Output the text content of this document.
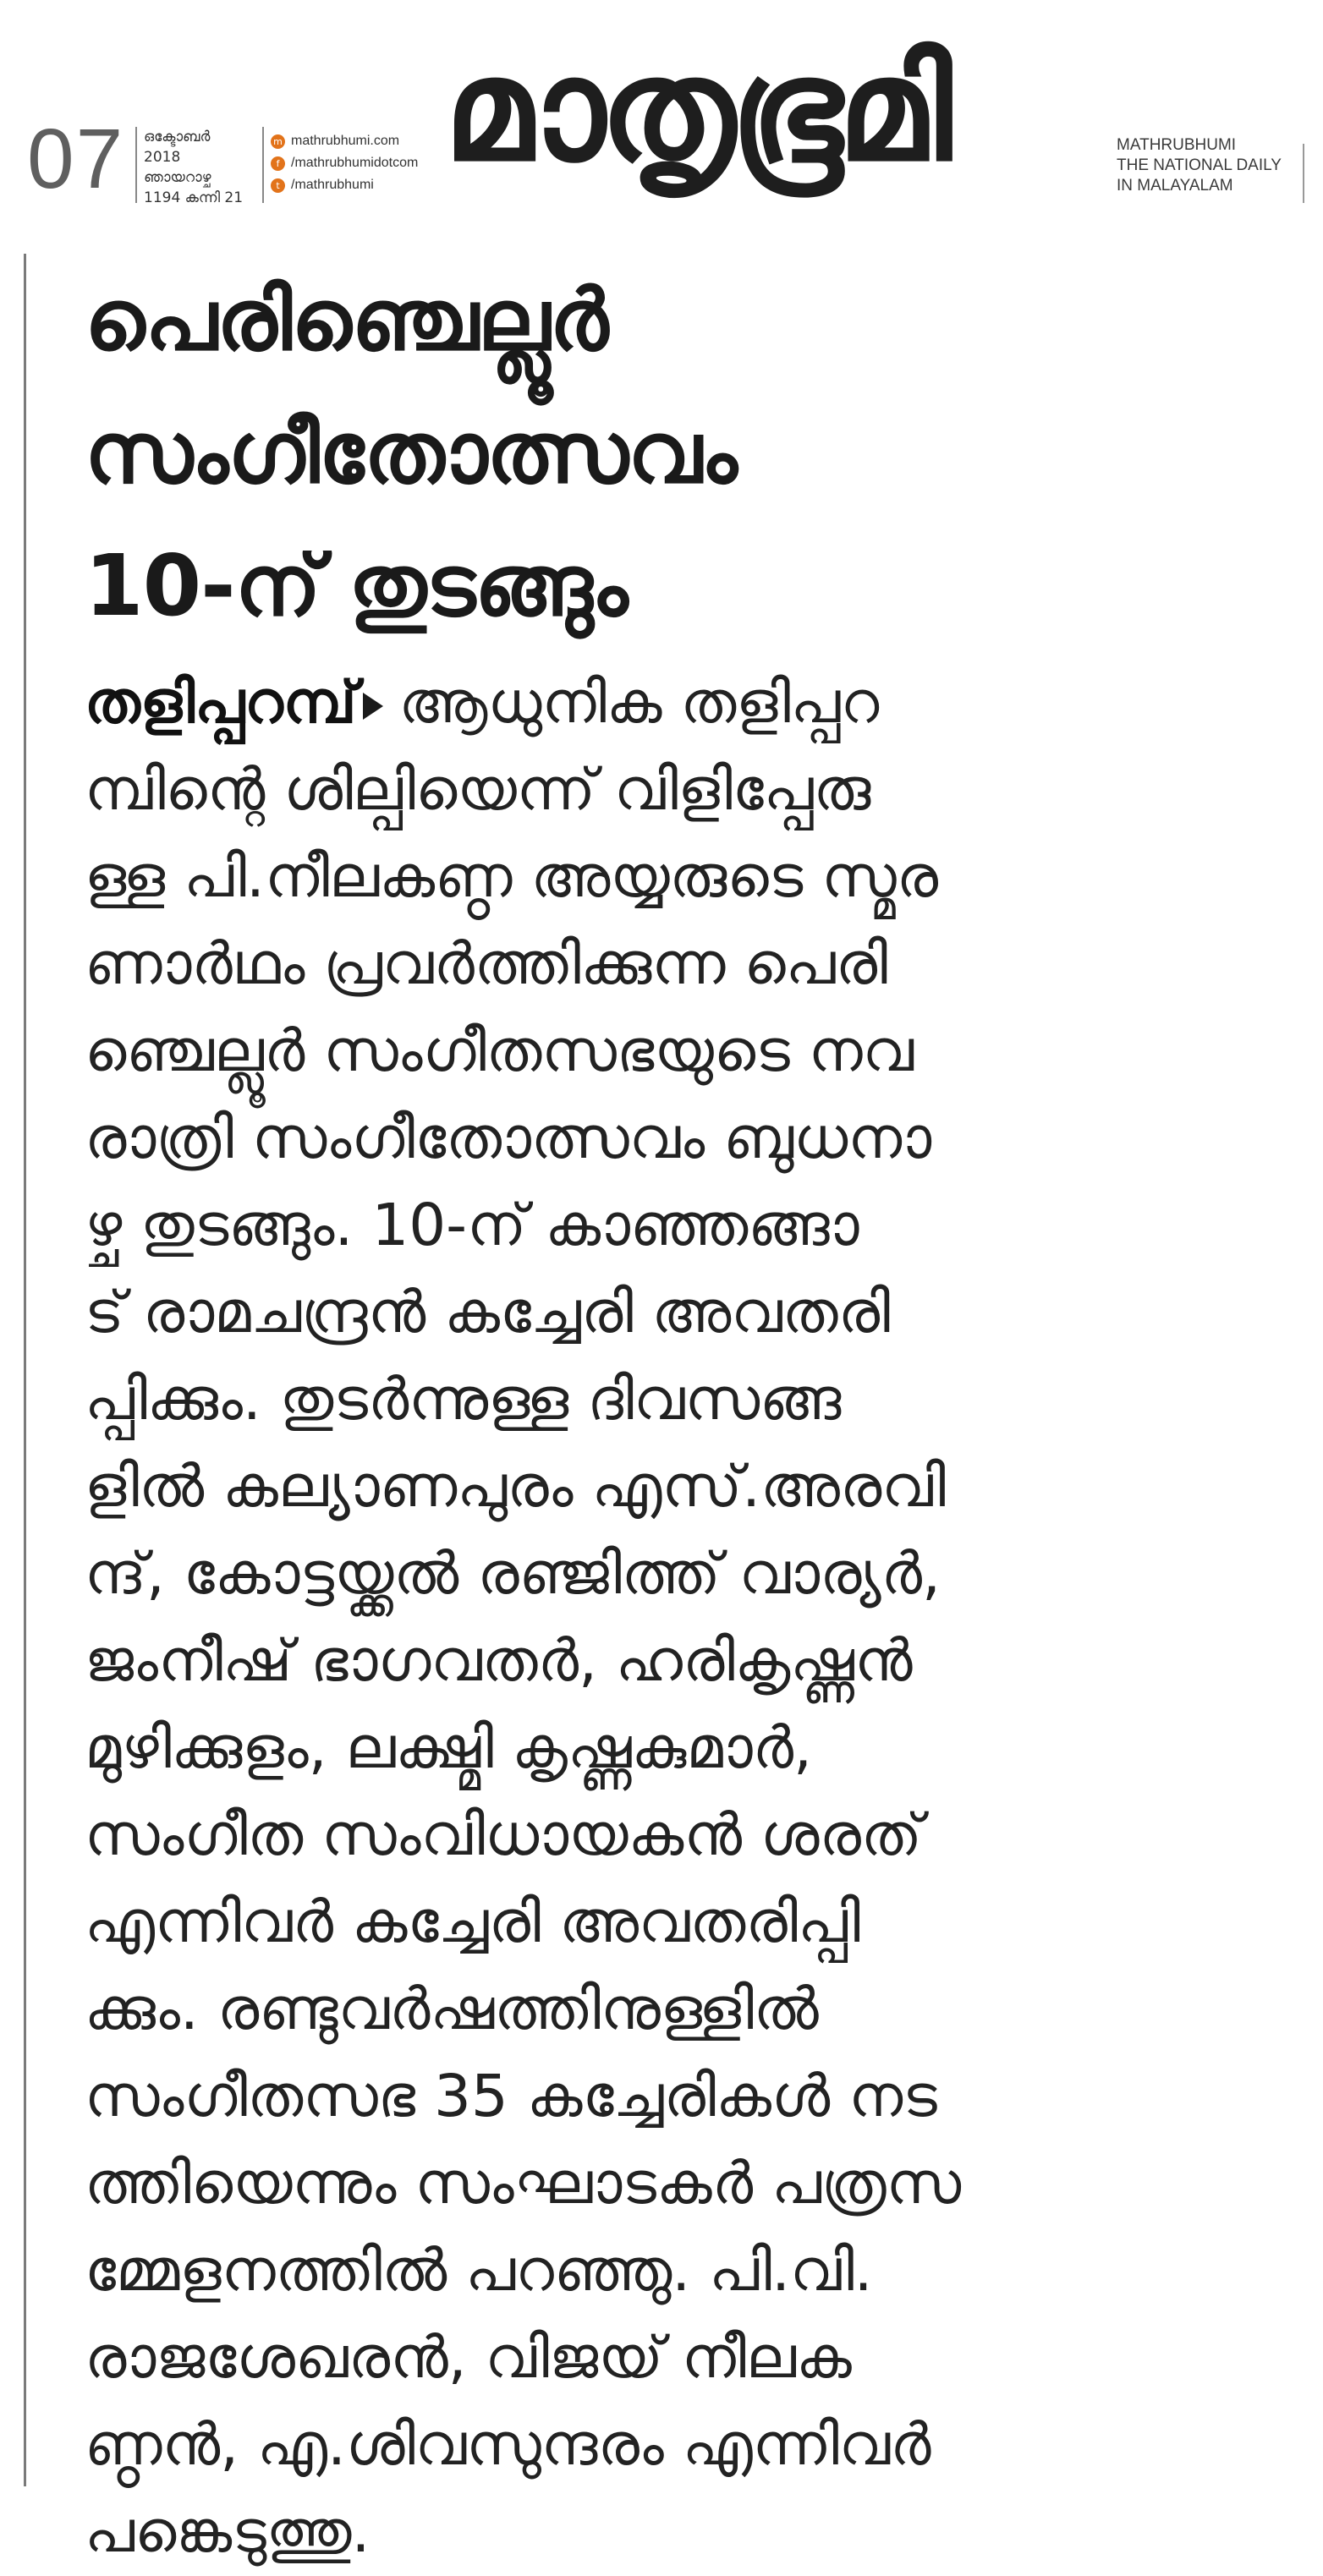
07 ഒക്ടോബർ
2018
ഞായറാഴ്ച
1194 കന്നി 21
m mathrubhumi.com
f /mathrubhumidotcom
t /mathrubhumi മാതൃഭൂമി	MATHRUBHUMI
THE NATIONAL DAILY
IN MALAYALAM
പെരിഞ്ചെല്ലൂർ
സംഗീതോത്സവം
10-ന് തുടങ്ങും
തളിപ്പറമ്പ് ആധുനിക തളിപ്പറ
മ്പിന്റെ ശില്പിയെന്ന് വിളിപ്പേരു
ള്ള പി.നീലകണ്ഠ അയ്യരുടെ സ്മര
ണാർഥം പ്രവർത്തിക്കുന്ന പെരി
ഞ്ചെല്ലൂർ സംഗീതസഭയുടെ നവ
രാത്രി സംഗീതോത്സവം ബുധനാ
ഴ്ച തുടങ്ങും. 10-ന് കാഞ്ഞങ്ങാ
ട് രാമചന്ദ്രൻ കച്ചേരി അവതരി
പ്പിക്കും. തുടർന്നുള്ള ദിവസങ്ങ
ളിൽ കല്യാണപുരം എസ്.അരവി
ന്ദ്, കോട്ടയ്ക്കൽ രഞ്ജിത്ത് വാര്യർ,
ജംനീഷ് ഭാഗവതർ, ഹരികൃഷ്ണൻ
മുഴിക്കുളം, ലക്ഷ്മി കൃഷ്ണകുമാർ,
സംഗീത സംവിധായകൻ ശരത്
എന്നിവർ കച്ചേരി അവതരിപ്പി
ക്കും. രണ്ടുവർഷത്തിനുള്ളിൽ
സംഗീതസഭ 35 കച്ചേരികൾ നട
ത്തിയെന്നും സംഘാടകർ പത്രസ
മ്മേളനത്തിൽ പറഞ്ഞു. പി.വി.
രാജശേഖരൻ, വിജയ് നീലക
ണ്ഠൻ, എ.ശിവസുന്ദരം എന്നിവർ
പങ്കെടുത്തു.
